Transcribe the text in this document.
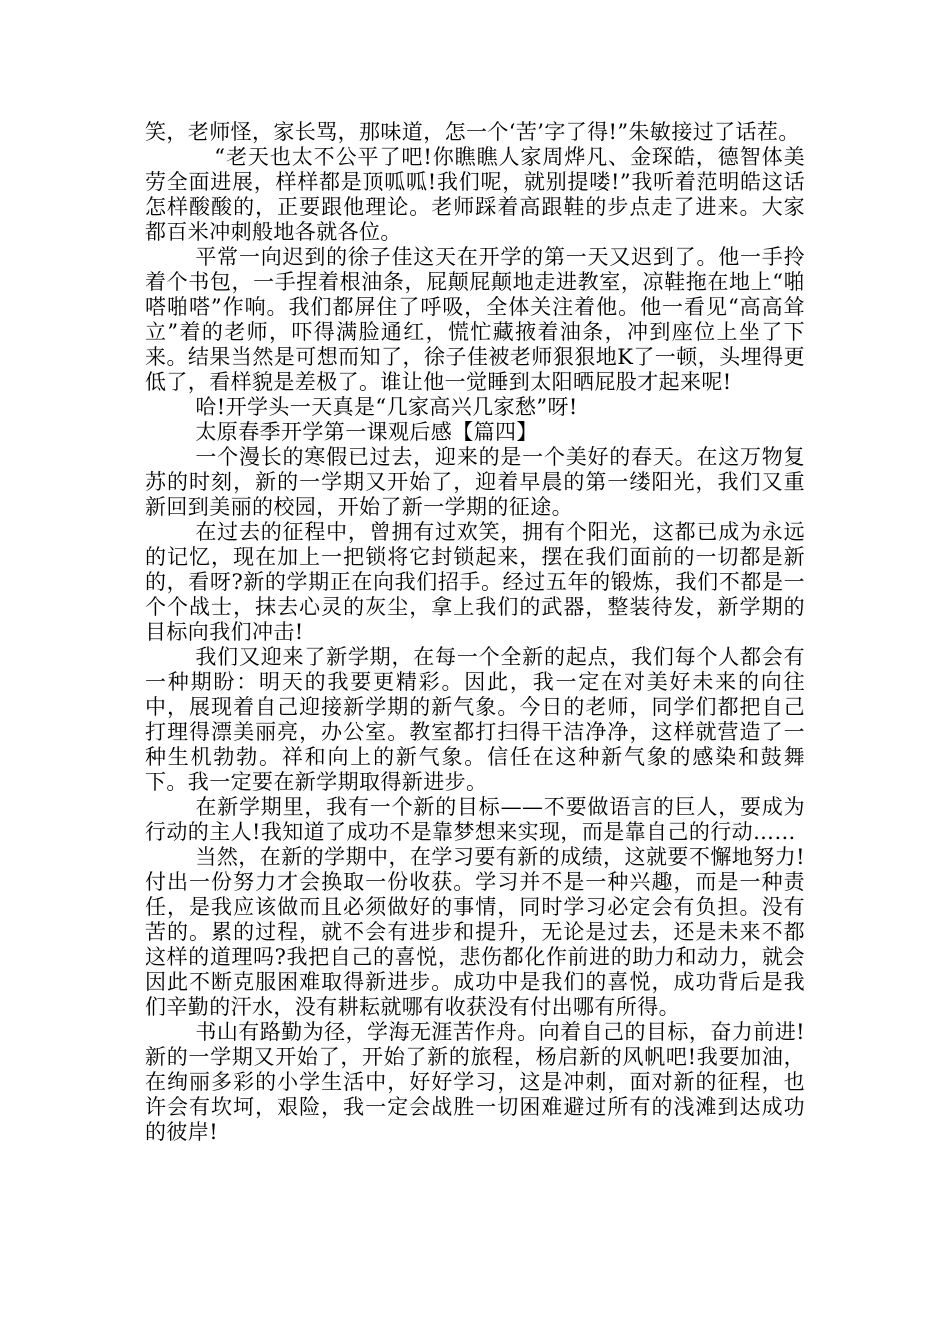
笑，老师怪，家长骂，那味道，怎一个‘苦’字了得!”朱敏接过了话茬。

“老天也太不公平了吧!你瞧瞧人家周烨凡、金琛皓，德智体美劳全面进展，样样都是顶呱呱!我们呢，就别提喽!”我听着范明皓这话怎样酸酸的，正要跟他理论。老师踩着高跟鞋的步点走了进来。大家都百米冲刺般地各就各位。

平常一向迟到的徐子佳这天在开学的第一天又迟到了。他一手拎着个书包，一手捏着根油条，屁颠屁颠地走进教室，凉鞋拖在地上“啪嗒啪嗒”作响。我们都屏住了呼吸，全体关注着他。他一看见“高高耸立”着的老师，吓得满脸通红，慌忙藏掖着油条，冲到座位上坐了下来。结果当然是可想而知了，徐子佳被老师狠狠地K了一顿，头埋得更低了，看样貌是差极了。谁让他一觉睡到太阳晒屁股才起来呢!

哈!开学头一天真是“几家高兴几家愁”呀!

太原春季开学第一课观后感【篇四】

一个漫长的寒假已过去，迎来的是一个美好的春天。在这万物复苏的时刻，新的一学期又开始了，迎着早晨的第一缕阳光，我们又重新回到美丽的校园，开始了新一学期的征途。

在过去的征程中，曾拥有过欢笑，拥有个阳光，这都已成为永远的记忆，现在加上一把锁将它封锁起来，摆在我们面前的一切都是新的，看呀?新的学期正在向我们招手。经过五年的锻炼，我们不都是一个个战士，抹去心灵的灰尘，拿上我们的武器，整装待发，新学期的目标向我们冲击!

我们又迎来了新学期，在每一个全新的起点，我们每个人都会有一种期盼：明天的我要更精彩。因此，我一定在对美好未来的向往中，展现着自己迎接新学期的新气象。今日的老师，同学们都把自己打理得漂美丽亮，办公室。教室都打扫得干洁净净，这样就营造了一种生机勃勃。祥和向上的新气象。信任在这种新气象的感染和鼓舞下。我一定要在新学期取得新进步。

在新学期里，我有一个新的目标——不要做语言的巨人，要成为行动的主人!我知道了成功不是靠梦想来实现，而是靠自己的行动……

当然，在新的学期中，在学习要有新的成绩，这就要不懈地努力!付出一份努力才会换取一份收获。学习并不是一种兴趣，而是一种责任，是我应该做而且必须做好的事情，同时学习必定会有负担。没有苦的。累的过程，就不会有进步和提升，无论是过去，还是未来不都这样的道理吗?我把自己的喜悦，悲伤都化作前进的助力和动力，就会因此不断克服困难取得新进步。成功中是我们的喜悦，成功背后是我们辛勤的汗水，没有耕耘就哪有收获没有付出哪有所得。

书山有路勤为径，学海无涯苦作舟。向着自己的目标，奋力前进!新的一学期又开始了，开始了新的旅程，杨启新的风帆吧!我要加油，在绚丽多彩的小学生活中，好好学习，这是冲刺，面对新的征程，也许会有坎坷，艰险，我一定会战胜一切困难避过所有的浅滩到达成功的彼岸!
